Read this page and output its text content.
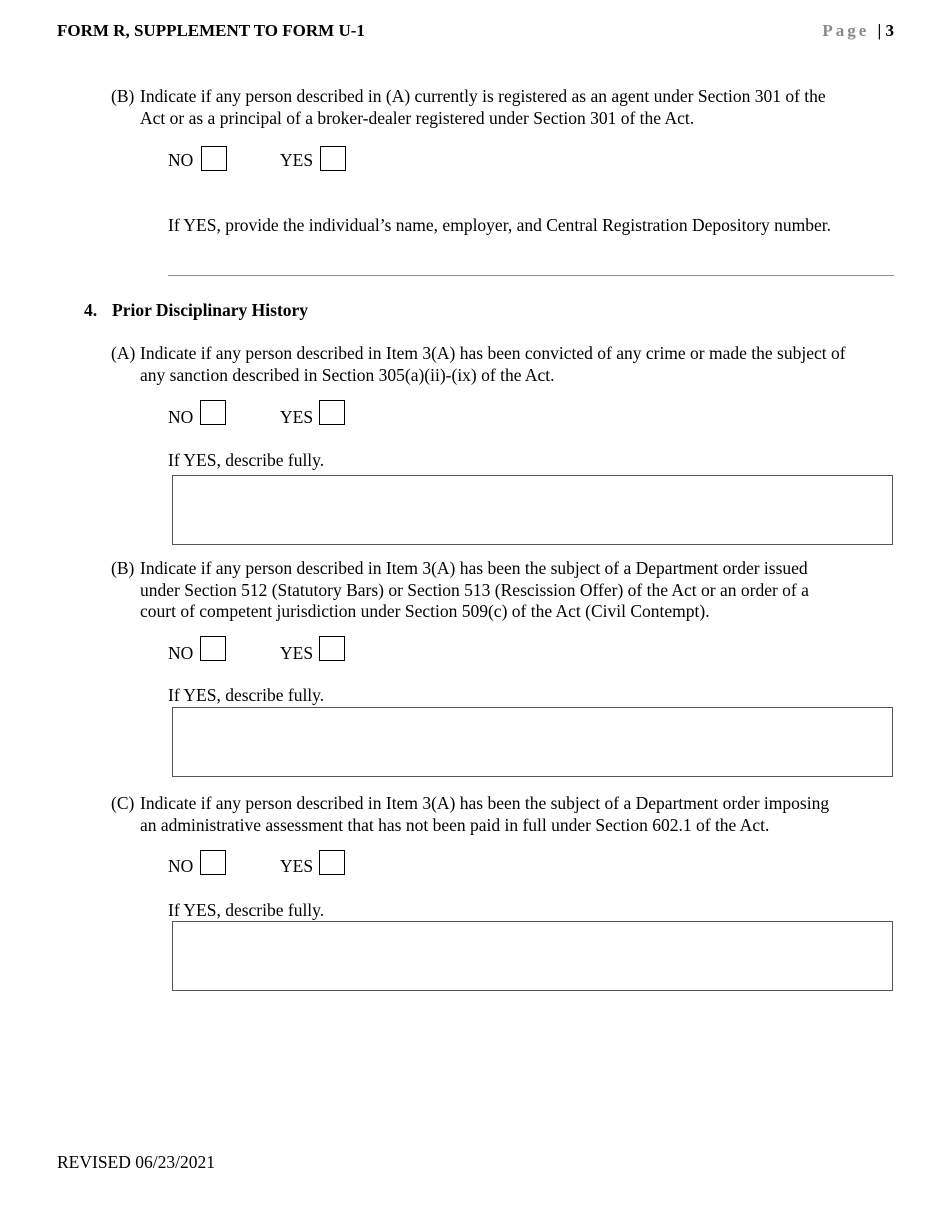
FORM R, SUPPLEMENT TO FORM U-1	Page | 3
(B) Indicate if any person described in (A) currently is registered as an agent under Section 301 of the
Act or as a principal of a broker-dealer registered under Section 301 of the Act.
NO	YES
If YES, provide the individual’s name, employer, and Central Registration Depository number.
4. Prior Disciplinary History
(A) Indicate if any person described in Item 3(A) has been convicted of any crime or made the subject of
any sanction described in Section 305(a)(ii)-(ix) of the Act.
NO	YES
If YES, describe fully.
(B) Indicate if any person described in Item 3(A) has been the subject of a Department order issued
under Section 512 (Statutory Bars) or Section 513 (Rescission Offer) of the Act or an order of a
court of competent jurisdiction under Section 509(c) of the Act (Civil Contempt).
NO	YES
If YES, describe fully.
(C) Indicate if any person described in Item 3(A) has been the subject of a Department order imposing
an administrative assessment that has not been paid in full under Section 602.1 of the Act.
NO	YES
If YES, describe fully.
REVISED 06/23/2021
